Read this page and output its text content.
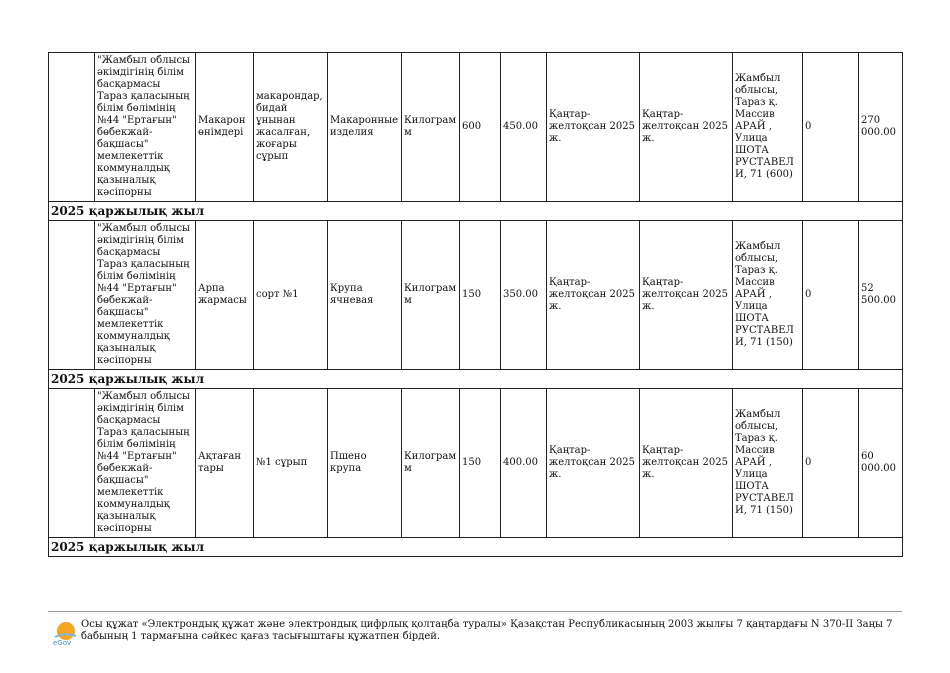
	"Жамбыл облысы әкімдігінің білім басқармасы Тараз қаласының білім бөлімінің №44 "Ертағын" бөбекжай-бақшасы" мемлекеттік коммуналдық қазыналық кәсіпорны	Макарон өнімдері	макарондар, бидай ұнынан жасалған, жоғары сұрып	Макаронные изделия	Килограмм	600	450.00	Қаңтар-желтоқсан 2025 ж.	Қаңтар-желтоқсан 2025 ж.	Жамбыл облысы, Тараз қ. Массив АРАЙ , Улица ШОТА РУСТАВЕЛИ, 71 (600)	0	270 000.00
2025 қаржылық жыл												
	"Жамбыл облысы әкімдігінің білім басқармасы Тараз қаласының білім бөлімінің №44 "Ертағын" бөбекжай-бақшасы" мемлекеттік коммуналдық қазыналық кәсіпорны	Арпа жармасы	сорт №1	Крупа ячневая	Килограмм	150	350.00	Қаңтар-желтоқсан 2025 ж.	Қаңтар-желтоқсан 2025 ж.	Жамбыл облысы, Тараз қ. Массив АРАЙ , Улица ШОТА РУСТАВЕЛИ, 71 (150)	0	52 500.00
2025 қаржылық жыл												
	"Жамбыл облысы әкімдігінің білім басқармасы Тараз қаласының білім бөлімінің №44 "Ертағын" бөбекжай-бақшасы" мемлекеттік коммуналдық қазыналық кәсіпорны	Ақтаған тары	№1 сұрып	Пшено крупа	Килограмм	150	400.00	Қаңтар-желтоқсан 2025 ж.	Қаңтар-желтоқсан 2025 ж.	Жамбыл облысы, Тараз қ. Массив АРАЙ , Улица ШОТА РУСТАВЕЛИ, 71 (150)	0	60 000.00
2025 қаржылық жыл												
eGov
Осы құжат «Электрондық құжат және электрондық цифрлық қолтаңба туралы» Қазақстан Республикасының 2003 жылғы 7 қаңтардағы N 370-II Заңы 7 бабының 1 тармағына сәйкес қағаз тасығыштағы құжатпен бірдей.
